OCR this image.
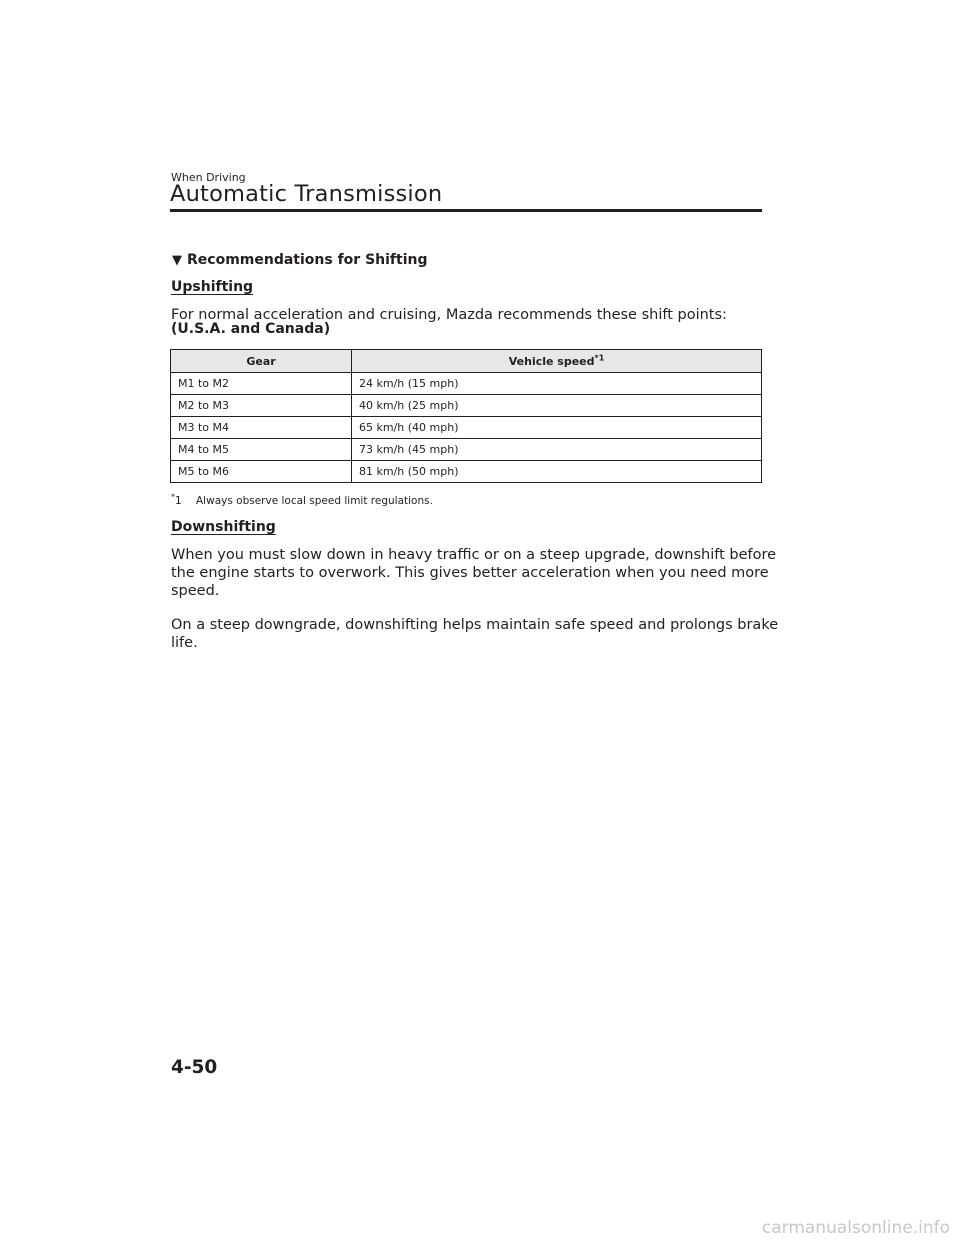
When Driving
Automatic Transmission
▼ Recommendations for Shifting
Upshifting
For normal acceleration and cruising, Mazda recommends these shift points:
(U.S.A. and Canada)
Gear	Vehicle speed$^{*1}$
M1 to M2	24 km/h (15 mph)
M2 to M3	40 km/h (25 mph)
M3 to M4	65 km/h (40 mph)
M4 to M5	73 km/h (45 mph)
M5 to M6	81 km/h (50 mph)
*1 Always observe local speed limit regulations.
Downshifting
When you must slow down in heavy traffic or on a steep upgrade, downshift before
the engine starts to overwork. This gives better acceleration when you need more
speed.
On a steep downgrade, downshifting helps maintain safe speed and prolongs brake
life.
4-50
carmanualsonline.info
